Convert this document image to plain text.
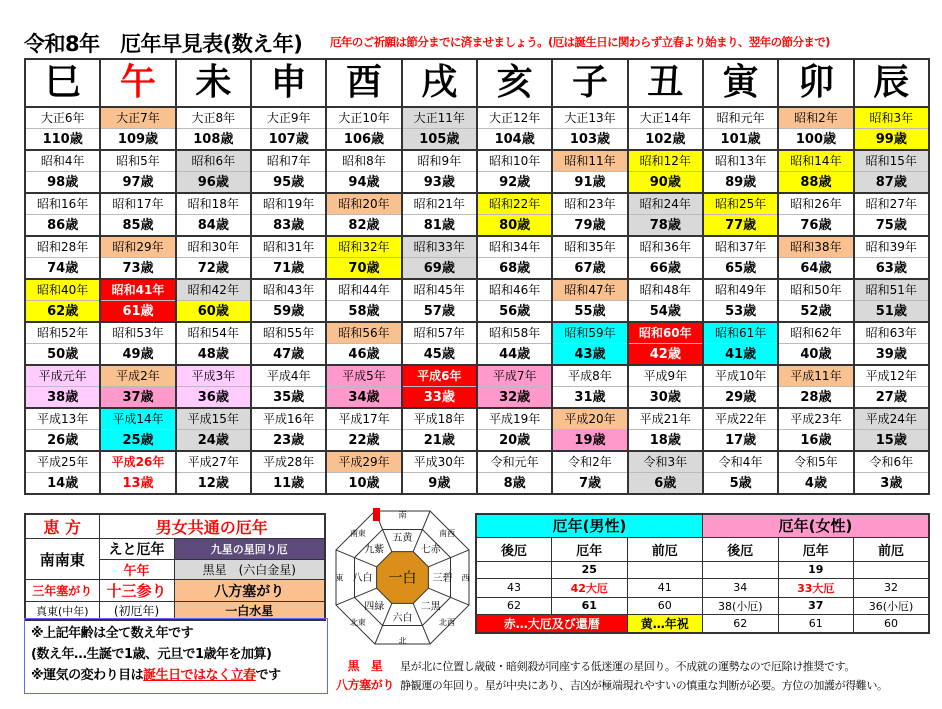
令和8年　厄年早見表(数え年) 厄年のご祈願は節分までに済ませましょう。(厄は誕生日に関わらず立春より始まり、翌年の節分まで)
巳	午	未	申	酉	戌	亥	子	丑	寅	卯	辰
大正6年	大正7年	大正8年	大正9年	大正10年	大正11年	大正12年	大正13年	大正14年	昭和元年	昭和2年	昭和3年
110歳	109歳	108歳	107歳	106歳	105歳	104歳	103歳	102歳	101歳	100歳	99歳
昭和4年	昭和5年	昭和6年	昭和7年	昭和8年	昭和9年	昭和10年	昭和11年	昭和12年	昭和13年	昭和14年	昭和15年
98歳	97歳	96歳	95歳	94歳	93歳	92歳	91歳	90歳	89歳	88歳	87歳
昭和16年	昭和17年	昭和18年	昭和19年	昭和20年	昭和21年	昭和22年	昭和23年	昭和24年	昭和25年	昭和26年	昭和27年
86歳	85歳	84歳	83歳	82歳	81歳	80歳	79歳	78歳	77歳	76歳	75歳
昭和28年	昭和29年	昭和30年	昭和31年	昭和32年	昭和33年	昭和34年	昭和35年	昭和36年	昭和37年	昭和38年	昭和39年
74歳	73歳	72歳	71歳	70歳	69歳	68歳	67歳	66歳	65歳	64歳	63歳
昭和40年	昭和41年	昭和42年	昭和43年	昭和44年	昭和45年	昭和46年	昭和47年	昭和48年	昭和49年	昭和50年	昭和51年
62歳	61歳	60歳	59歳	58歳	57歳	56歳	55歳	54歳	53歳	52歳	51歳
昭和52年	昭和53年	昭和54年	昭和55年	昭和56年	昭和57年	昭和58年	昭和59年	昭和60年	昭和61年	昭和62年	昭和63年
50歳	49歳	48歳	47歳	46歳	45歳	44歳	43歳	42歳	41歳	40歳	39歳
平成元年	平成2年	平成3年	平成4年	平成5年	平成6年	平成7年	平成8年	平成9年	平成10年	平成11年	平成12年
38歳	37歳	36歳	35歳	34歳	33歳	32歳	31歳	30歳	29歳	28歳	27歳
平成13年	平成14年	平成15年	平成16年	平成17年	平成18年	平成19年	平成20年	平成21年	平成22年	平成23年	平成24年
26歳	25歳	24歳	23歳	22歳	21歳	20歳	19歳	18歳	17歳	16歳	15歳
平成25年	平成26年	平成27年	平成28年	平成29年	平成30年	令和元年	令和2年	令和3年	令和4年	令和5年	令和6年
14歳	13歳	12歳	11歳	10歳	9歳	8歳	7歳	6歳	5歳	4歳	3歳
恵 方	男女共通の厄年	
南南東	えと厄年	九星の星回り厄
	午年	黒星　(六白金星)
三年塞がり	十三参り	八方塞がり
真東(中年)	(初厄年)	一白水星
南
南西
西
北西
北
北東
東
南東	五黄
七赤
三碧
二黒
六白
四緑
八白
九紫
一白
厄年(男性)			厄年(女性)		
後厄	厄年	前厄	後厄	厄年	前厄
	25			19	
43	42大厄	41	34	33大厄	32
62	61	60	38(小厄)	37	36(小厄)
赤…大厄及び還暦		黄…年祝	62	61	60
※上記年齢は全て数え年です
(数え年…生誕で1歳、元旦で1歳年を加算)
※運気の変わり目は誕生日ではなく立春です
黒　星 星が北に位置し歳破・暗剣殺が同座する低迷運の星回り。不成就の運勢なので厄除け推奨です。
八方塞がり 静観運の年回り。星が中央にあり、吉凶が極端現れやすいの慎重な判断が必要。方位の加護が得難い。
